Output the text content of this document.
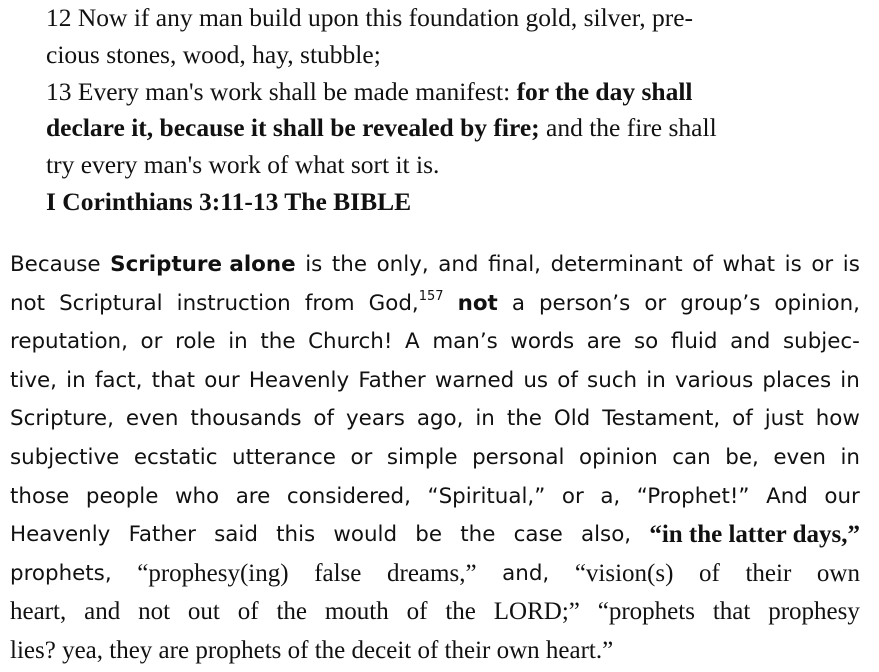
12 Now if any man build upon this foundation gold, silver, pre-
cious stones, wood, hay, stubble;
13 Every man's work shall be made manifest: for the day shall
declare it, because it shall be revealed by fire; and the fire shall
try every man's work of what sort it is.
I Corinthians 3:11-13 The BIBLE
Because Scripture alone is the only, and final, determinant of what is or is
not Scriptural instruction from God,$^{157}$ not a person’s or group’s opinion,
reputation, or role in the Church! A man’s words are so fluid and subjec-
tive, in fact, that our Heavenly Father warned us of such in various places in
Scripture, even thousands of years ago, in the Old Testament, of just how
subjective ecstatic utterance or simple personal opinion can be, even in
those people who are considered, “Spiritual,” or a, “Prophet!” And our
Heavenly Father said this would be the case also, “in the latter days,”
prophets, “prophesy(ing) false dreams,” and, “vision(s) of their own
heart, and not out of the mouth of the LORD;” “prophets that prophesy
lies? yea, they are prophets of the deceit of their own heart.”
